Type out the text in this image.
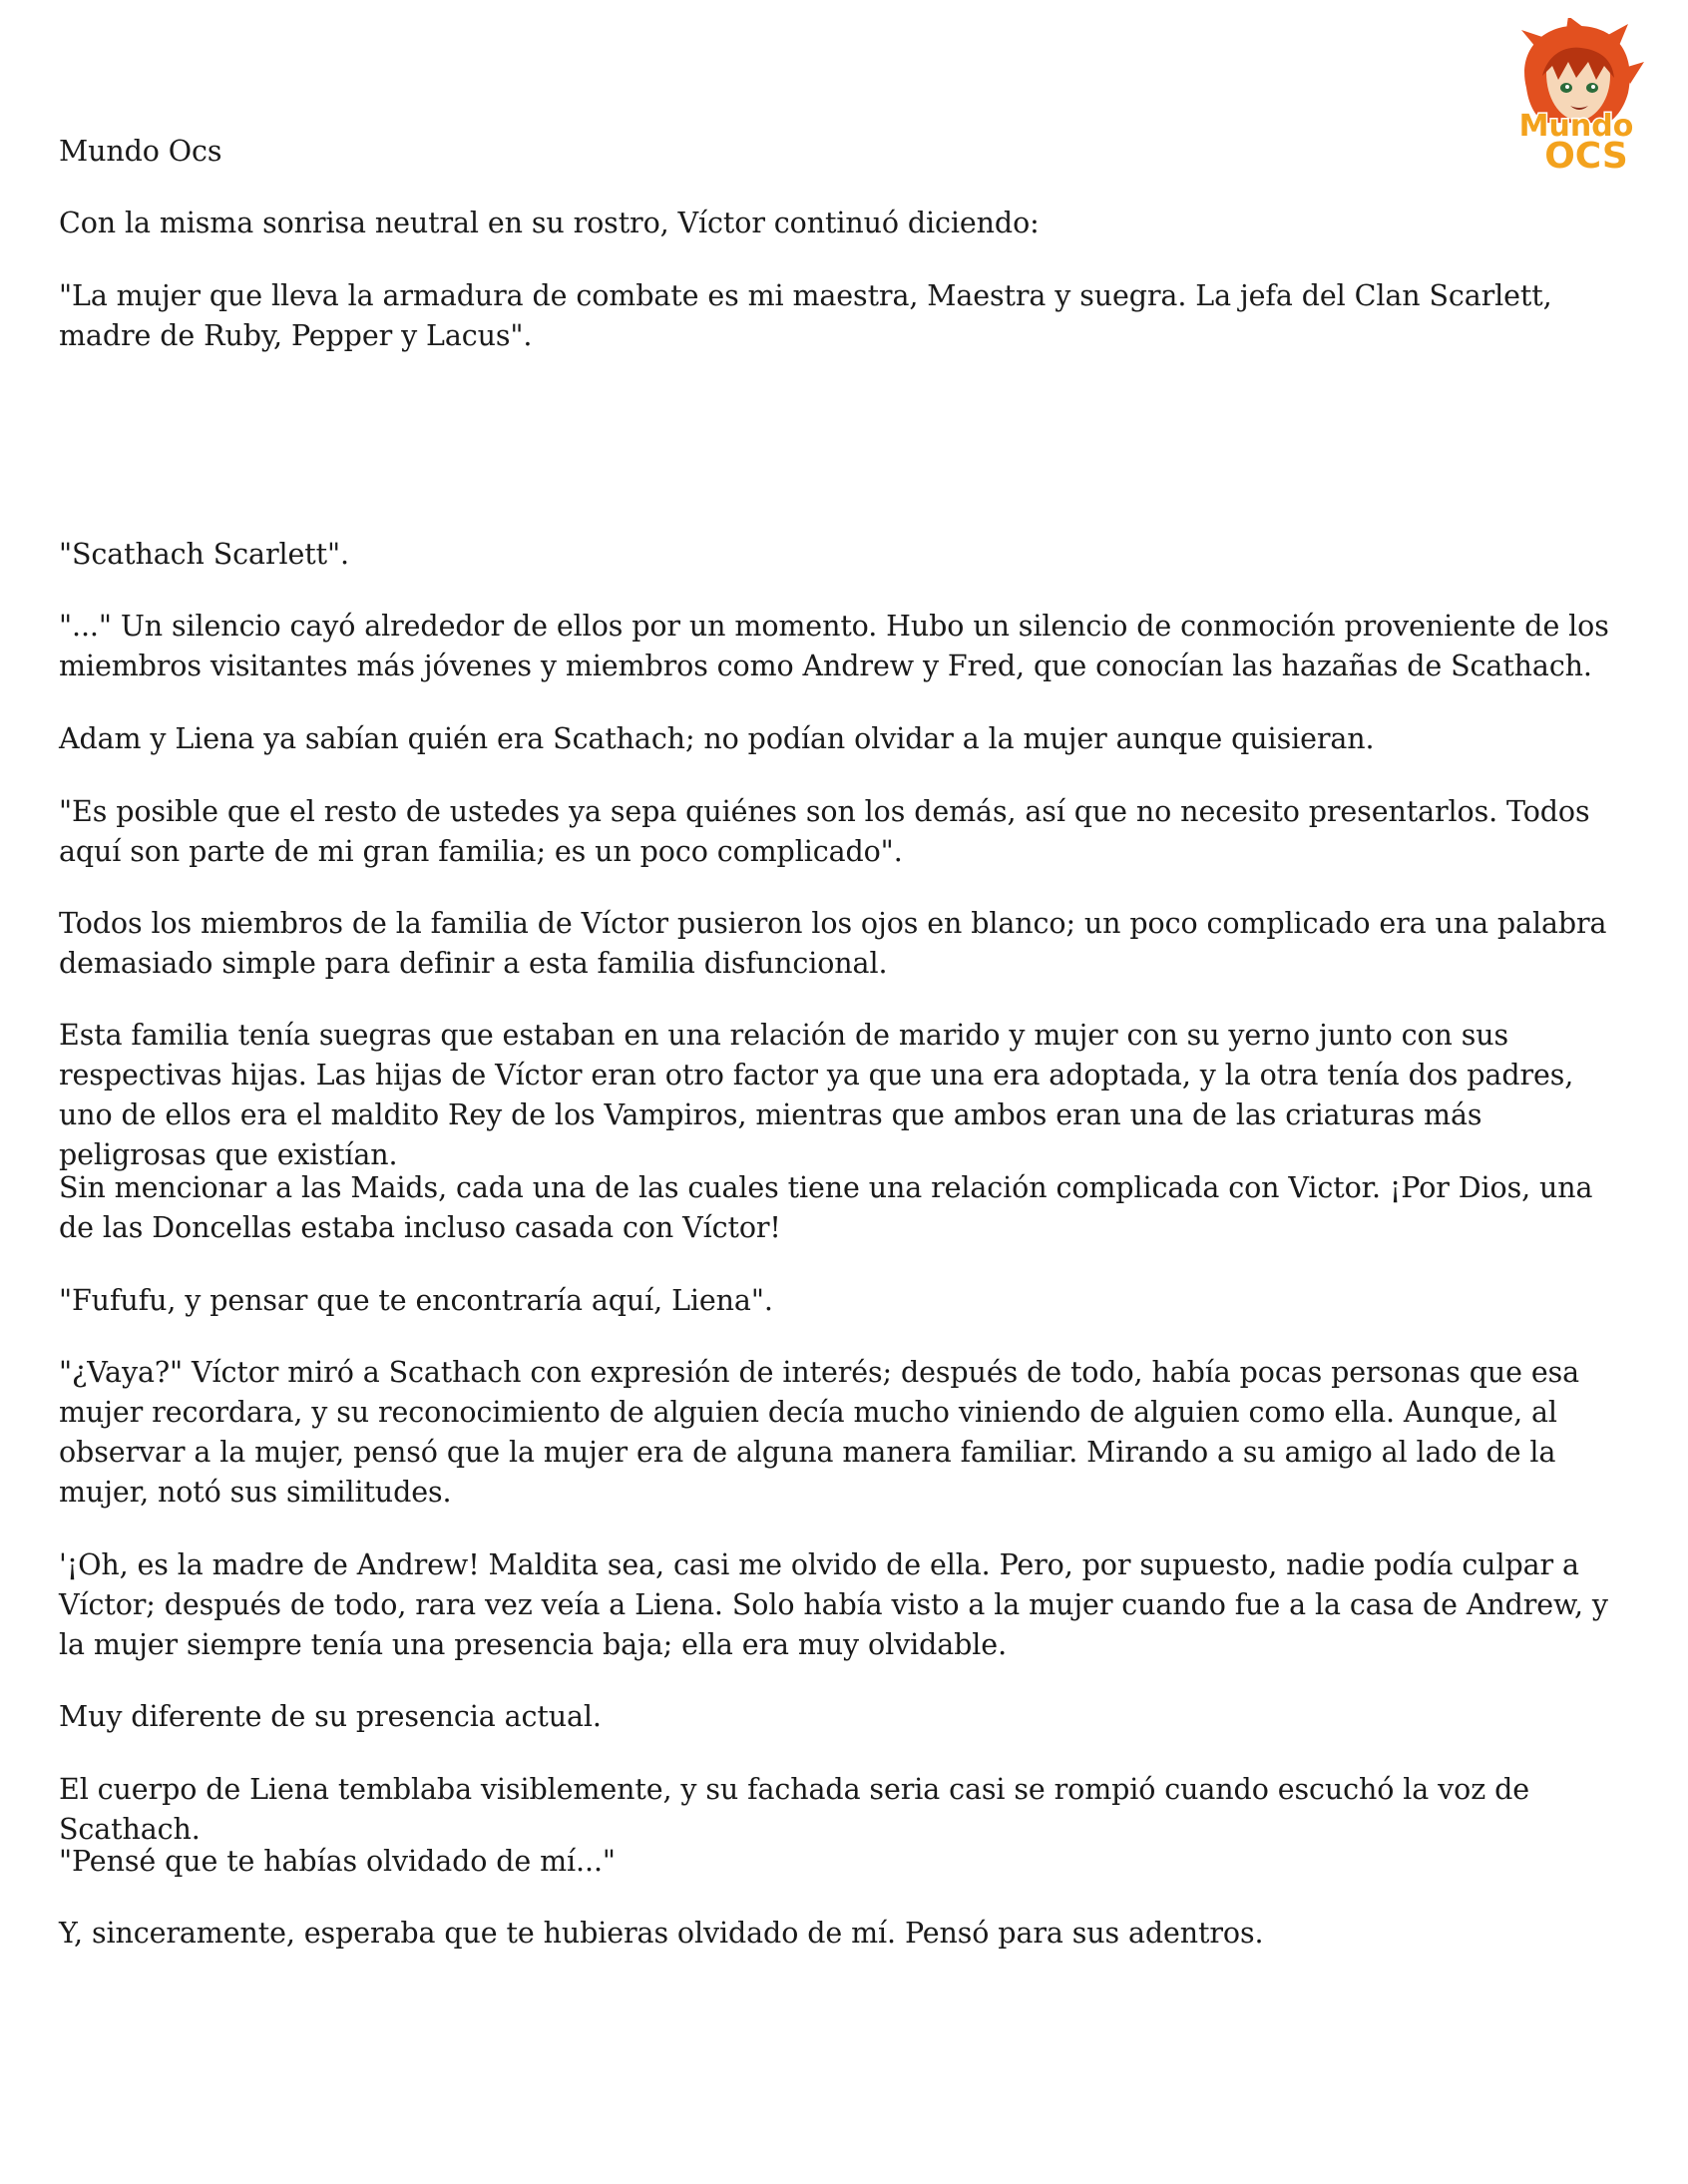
Mundo
OCS

Mundo Ocs

Con la misma sonrisa neutral en su rostro, Víctor continuó diciendo:

"La mujer que lleva la armadura de combate es mi maestra, Maestra y suegra. La jefa del Clan Scarlett, madre de Ruby, Pepper y Lacus".

"Scathach Scarlett".

"..." Un silencio cayó alrededor de ellos por un momento. Hubo un silencio de conmoción proveniente de los miembros visitantes más jóvenes y miembros como Andrew y Fred, que conocían las hazañas de Scathach.

Adam y Liena ya sabían quién era Scathach; no podían olvidar a la mujer aunque quisieran.

"Es posible que el resto de ustedes ya sepa quiénes son los demás, así que no necesito presentarlos. Todos aquí son parte de mi gran familia; es un poco complicado".

Todos los miembros de la familia de Víctor pusieron los ojos en blanco; un poco complicado era una palabra demasiado simple para definir a esta familia disfuncional.

Esta familia tenía suegras que estaban en una relación de marido y mujer con su yerno junto con sus respectivas hijas. Las hijas de Víctor eran otro factor ya que una era adoptada, y la otra tenía dos padres, uno de ellos era el maldito Rey de los Vampiros, mientras que ambos eran una de las criaturas más peligrosas que existían.

Sin mencionar a las Maids, cada una de las cuales tiene una relación complicada con Victor. ¡Por Dios, una de las Doncellas estaba incluso casada con Víctor!

"Fufufu, y pensar que te encontraría aquí, Liena".

"¿Vaya?" Víctor miró a Scathach con expresión de interés; después de todo, había pocas personas que esa mujer recordara, y su reconocimiento de alguien decía mucho viniendo de alguien como ella. Aunque, al observar a la mujer, pensó que la mujer era de alguna manera familiar. Mirando a su amigo al lado de la mujer, notó sus similitudes.

'¡Oh, es la madre de Andrew! Maldita sea, casi me olvido de ella. Pero, por supuesto, nadie podía culpar a Víctor; después de todo, rara vez veía a Liena. Solo había visto a la mujer cuando fue a la casa de Andrew, y la mujer siempre tenía una presencia baja; ella era muy olvidable.

Muy diferente de su presencia actual.

El cuerpo de Liena temblaba visiblemente, y su fachada seria casi se rompió cuando escuchó la voz de Scathach.

"Pensé que te habías olvidado de mí..."

Y, sinceramente, esperaba que te hubieras olvidado de mí. Pensó para sus adentros.
